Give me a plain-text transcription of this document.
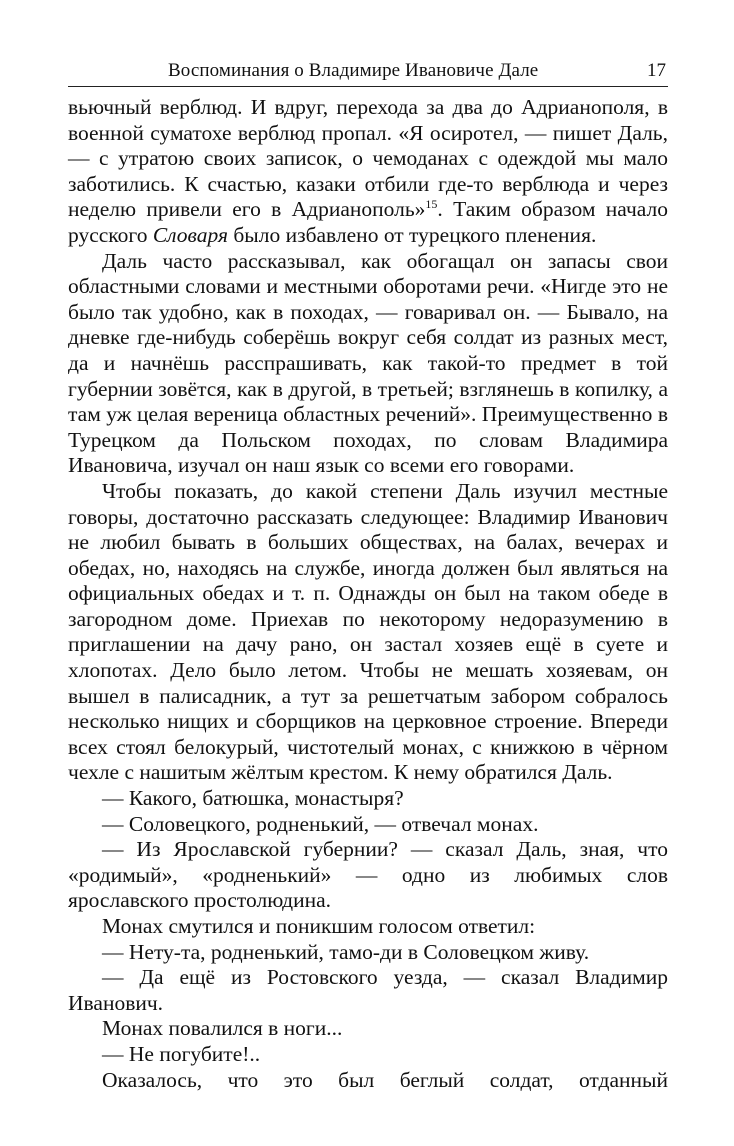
Воспоминания о Владимире Ивановиче Дале	17

вьючный верблюд. И вдруг, перехода за два до Адрианополя, в военной суматохе верблюд пропал. «Я осиротел, — пишет Даль, — с утратою своих записок, о чемоданах с одеждой мы мало заботились. К счастью, казаки отбили где-то верблюда и через неделю привели его в Адрианополь»$^{15}$. Таким образом начало русского Словаря было избавлено от турецкого пленения.

Даль часто рассказывал, как обогащал он запасы свои областными словами и местными оборотами речи. «Нигде это не было так удобно, как в походах, — говаривал он. — Бывало, на дневке где-нибудь соберёшь вокруг себя солдат из разных мест, да и начнёшь расспрашивать, как такой-то предмет в той губернии зовётся, как в другой, в третьей; взглянешь в копилку, а там уж целая вереница областных речений». Преимущественно в Турецком да Польском походах, по словам Владимира Ивановича, изучал он наш язык со всеми его говорами.

Чтобы показать, до какой степени Даль изучил местные говоры, достаточно рассказать следующее: Владимир Иванович не любил бывать в больших обществах, на балах, вечерах и обедах, но, находясь на службе, иногда должен был являться на официальных обедах и т. п. Однажды он был на таком обеде в загородном доме. Приехав по некоторому недоразумению в приглашении на дачу рано, он застал хозяев ещё в суете и хлопотах. Дело было летом. Чтобы не мешать хозяевам, он вышел в палисадник, а тут за решетчатым забором собралось несколько нищих и сборщиков на церковное строение. Впереди всех стоял белокурый, чистотелый монах, с книжкою в чёрном чехле с нашитым жёлтым крестом. К нему обратился Даль.

— Какого, батюшка, монастыря?

— Соловецкого, родненький, — отвечал монах.

— Из Ярославской губернии? — сказал Даль, зная, что «родимый», «родненький» — одно из любимых слов ярославского простолюдина.

Монах смутился и поникшим голосом ответил:

— Нету-та, родненький, тамо-ди в Соловецком живу.

— Да ещё из Ростовского уезда, — сказал Владимир Иванович.

Монах повалился в ноги...

— Не погубите!..

Оказалось, что это был беглый солдат, отданный
